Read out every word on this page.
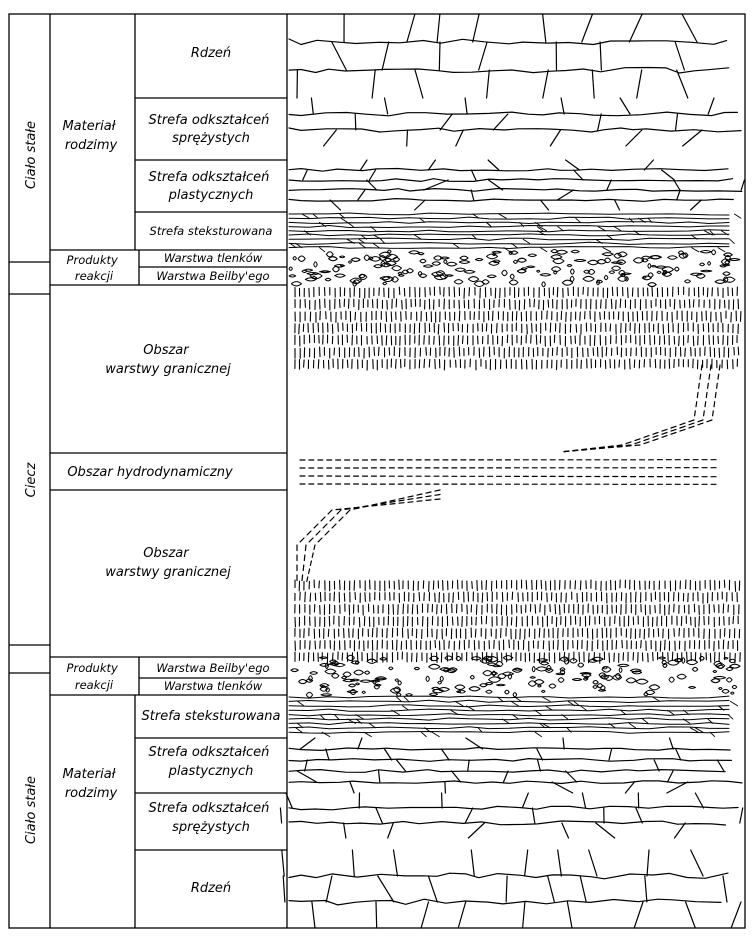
Ciało stałe
Ciecz
Ciało stałe
Materiał rodzimy
Produkty reakcji
Rdzeń
Strefa odkształceń sprężystych
Strefa odkształceń plastycznych
Strefa steksturowana
Warstwa tlenków
Warstwa Beilby'ego
Obszar warstwy granicznej
Obszar hydrodynamiczny
Obszar warstwy granicznej
Produkty reakcji
Materiał rodzimy
Warstwa Beilby'ego
Warstwa tlenków
Strefa steksturowana
Strefa odkształceń plastycznych
Strefa odkształceń sprężystych
Rdzeń
